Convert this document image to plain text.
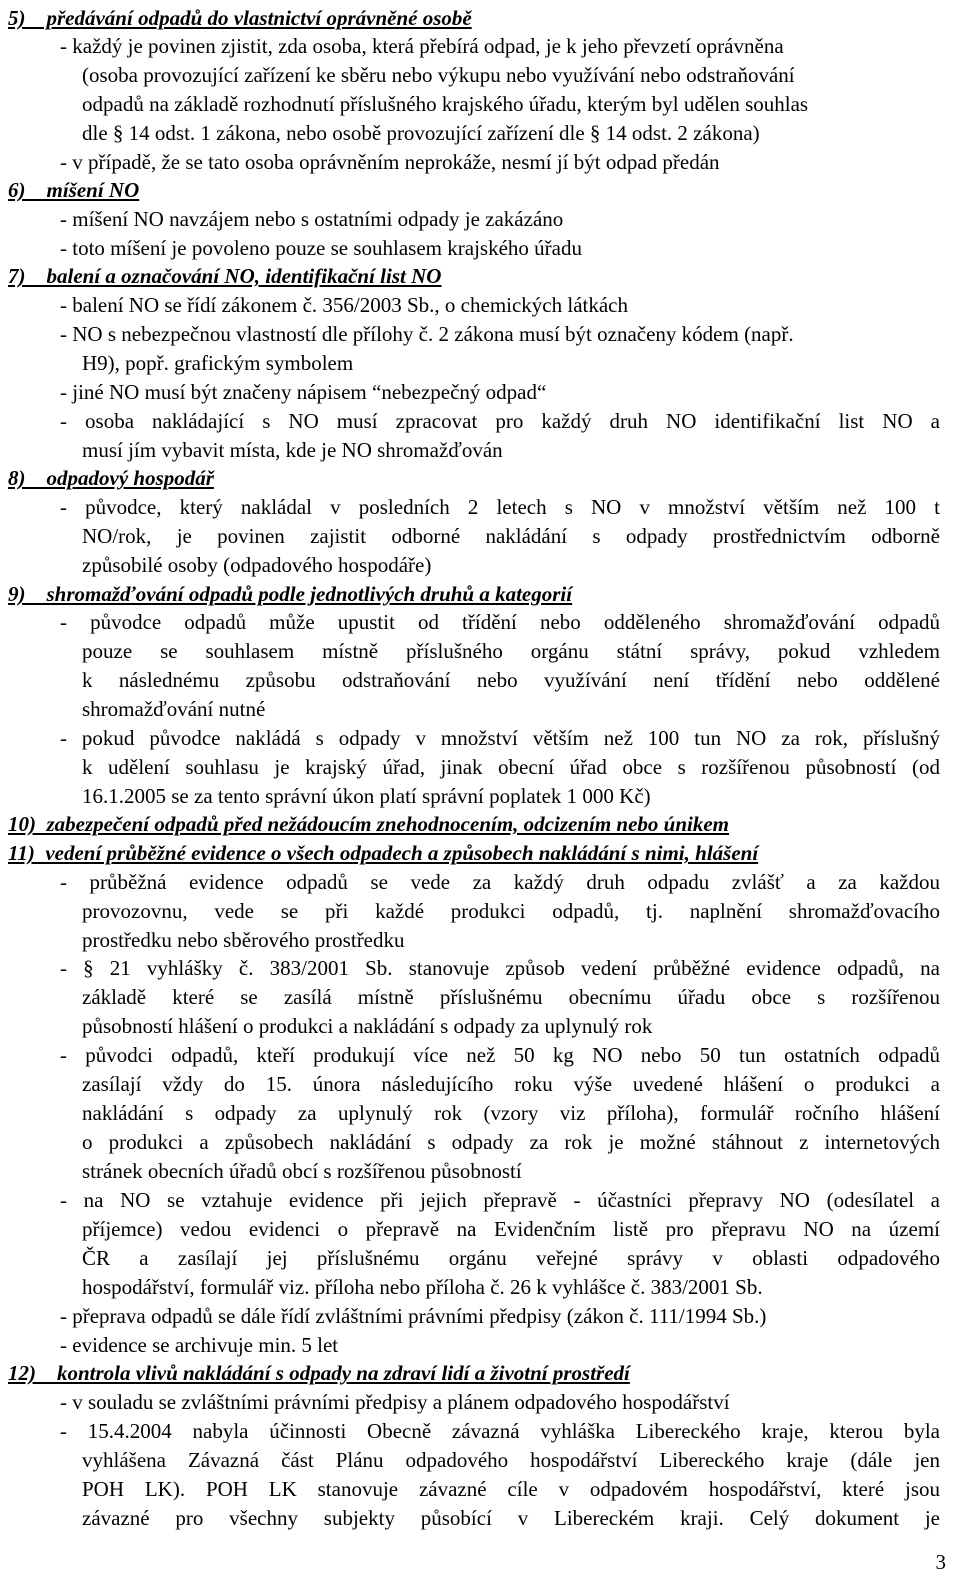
5)    předávání odpadů do vlastnictví oprávněné osobě
- každý je povinen zjistit, zda osoba, která přebírá odpad, je k jeho převzetí oprávněna
(osoba provozující zařízení ke sběru nebo výkupu nebo využívání nebo odstraňování
odpadů na základě rozhodnutí příslušného krajského úřadu, kterým byl udělen souhlas
dle § 14 odst. 1 zákona, nebo osobě provozující zařízení dle § 14 odst. 2 zákona)
- v případě, že se tato osoba oprávněním neprokáže, nesmí jí být odpad předán
6)    míšení NO
- míšení NO navzájem nebo s ostatními odpady je zakázáno
- toto míšení je povoleno pouze se souhlasem krajského úřadu
7)    balení a označování NO, identifikační list NO
- balení NO se řídí zákonem č. 356/2003 Sb., o chemických látkách
- NO s nebezpečnou vlastností dle přílohy č. 2 zákona musí být označeny kódem (např.
H9), popř. grafickým symbolem
- jiné NO musí být značeny nápisem “nebezpečný odpad“
- osoba nakládající s NO musí zpracovat pro každý druh NO identifikační list NO a
musí jím vybavit místa, kde je NO shromažďován
8)    odpadový hospodář
- původce, který nakládal v posledních 2 letech s NO v množství větším než 100 t
NO/rok, je povinen zajistit odborné nakládání s odpady prostřednictvím odborně
způsobilé osoby (odpadového hospodáře)
9)    shromažďování odpadů podle jednotlivých druhů a kategorií
- původce odpadů může upustit od třídění nebo odděleného shromažďování odpadů
pouze se souhlasem místně příslušného orgánu státní správy, pokud vzhledem
k následnému způsobu odstraňování nebo využívání není třídění nebo oddělené
shromažďování nutné
- pokud původce nakládá s odpady v množství větším než 100 tun NO za rok, příslušný
k udělení souhlasu je krajský úřad, jinak obecní úřad obce s rozšířenou působností (od
16.1.2005 se za tento správní úkon platí správní poplatek 1 000 Kč)
10)  zabezpečení odpadů před nežádoucím znehodnocením, odcizením nebo únikem
11)  vedení průběžné evidence o všech odpadech a způsobech nakládání s nimi, hlášení
- průběžná evidence odpadů se vede za každý druh odpadu zvlášť a za každou
provozovnu, vede se při každé produkci odpadů, tj. naplnění shromažďovacího
prostředku nebo sběrového prostředku
- § 21 vyhlášky č. 383/2001 Sb. stanovuje způsob vedení průběžné evidence odpadů, na
základě které se zasílá místně příslušnému obecnímu úřadu obce s rozšířenou
působností hlášení o produkci a nakládání s odpady za uplynulý rok
- původci odpadů, kteří produkují více než 50 kg NO nebo 50 tun ostatních odpadů
zasílají vždy do 15. února následujícího roku výše uvedené hlášení o produkci a
nakládání s odpady za uplynulý rok (vzory viz příloha), formulář ročního hlášení
o produkci a způsobech nakládání s odpady za rok je možné stáhnout z internetových
stránek obecních úřadů obcí s rozšířenou působností
- na NO se vztahuje evidence při jejich přepravě - účastníci přepravy NO (odesílatel a
příjemce) vedou evidenci o přepravě na Evidenčním listě pro přepravu NO na území
ČR a zasílají jej příslušnému orgánu veřejné správy v oblasti odpadového
hospodářství, formulář viz. příloha nebo příloha č. 26 k vyhlášce č. 383/2001 Sb.
- přeprava odpadů se dále řídí zvláštními právními předpisy (zákon č. 111/1994 Sb.)
- evidence se archivuje min. 5 let
12)    kontrola vlivů nakládání s odpady na zdraví lidí a životní prostředí
- v souladu se zvláštními právními předpisy a plánem odpadového hospodářství
- 15.4.2004 nabyla účinnosti Obecně závazná vyhláška Libereckého kraje, kterou byla
vyhlášena Závazná část Plánu odpadového hospodářství Libereckého kraje (dále jen
POH LK). POH LK stanovuje závazné cíle v odpadovém hospodářství, které jsou
závazné pro všechny subjekty působící v Libereckém kraji. Celý dokument je
3
